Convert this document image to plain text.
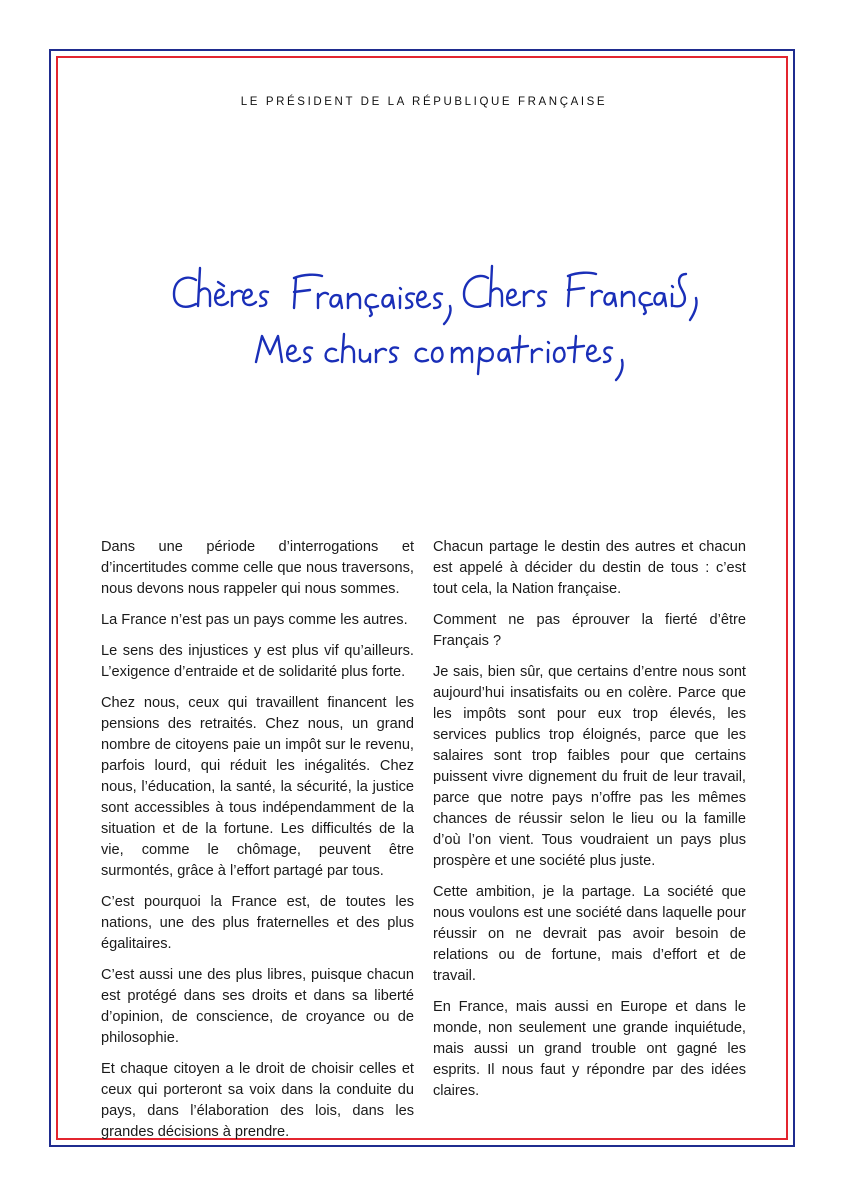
LE PRÉSIDENT DE LA RÉPUBLIQUE FRANÇAISE

Dans une période d’interrogations et d’incertitudes comme celle que nous traversons, nous devons nous rappeler qui nous sommes.

La France n’est pas un pays comme les autres.

Le sens des injustices y est plus vif qu’ailleurs. L’exigence d’entraide et de solidarité plus forte.

Chez nous, ceux qui travaillent financent les pensions des retraités. Chez nous, un grand nombre de citoyens paie un impôt sur le revenu, parfois lourd, qui réduit les inégalités. Chez nous, l’éducation, la santé, la sécurité, la justice sont accessibles à tous indépendamment de la situation et de la fortune. Les difficultés de la vie, comme le chômage, peuvent être surmontés, grâce à l’effort partagé par tous.

C’est pourquoi la France est, de toutes les nations, une des plus fraternelles et des plus égalitaires.

C’est aussi une des plus libres, puisque chacun est protégé dans ses droits et dans sa liberté d’opinion, de conscience, de croyance ou de philosophie.

Et chaque citoyen a le droit de choisir celles et ceux qui porteront sa voix dans la conduite du pays, dans l’élaboration des lois, dans les grandes décisions à prendre.

Chacun partage le destin des autres et chacun est appelé à décider du destin de tous : c’est tout cela, la Nation française.

Comment ne pas éprouver la fierté d’être Français ?

Je sais, bien sûr, que certains d’entre nous sont aujourd’hui insatisfaits ou en colère. Parce que les impôts sont pour eux trop élevés, les services publics trop éloignés, parce que les salaires sont trop faibles pour que certains puissent vivre dignement du fruit de leur travail, parce que notre pays n’offre pas les mêmes chances de réussir selon le lieu ou la famille d’où l’on vient. Tous voudraient un pays plus prospère et une société plus juste.

Cette ambition, je la partage. La société que nous voulons est une société dans laquelle pour réussir on ne devrait pas avoir besoin de relations ou de fortune, mais d’effort et de travail.

En France, mais aussi en Europe et dans le monde, non seulement une grande inquiétude, mais aussi un grand trouble ont gagné les esprits. Il nous faut y répondre par des idées claires.
